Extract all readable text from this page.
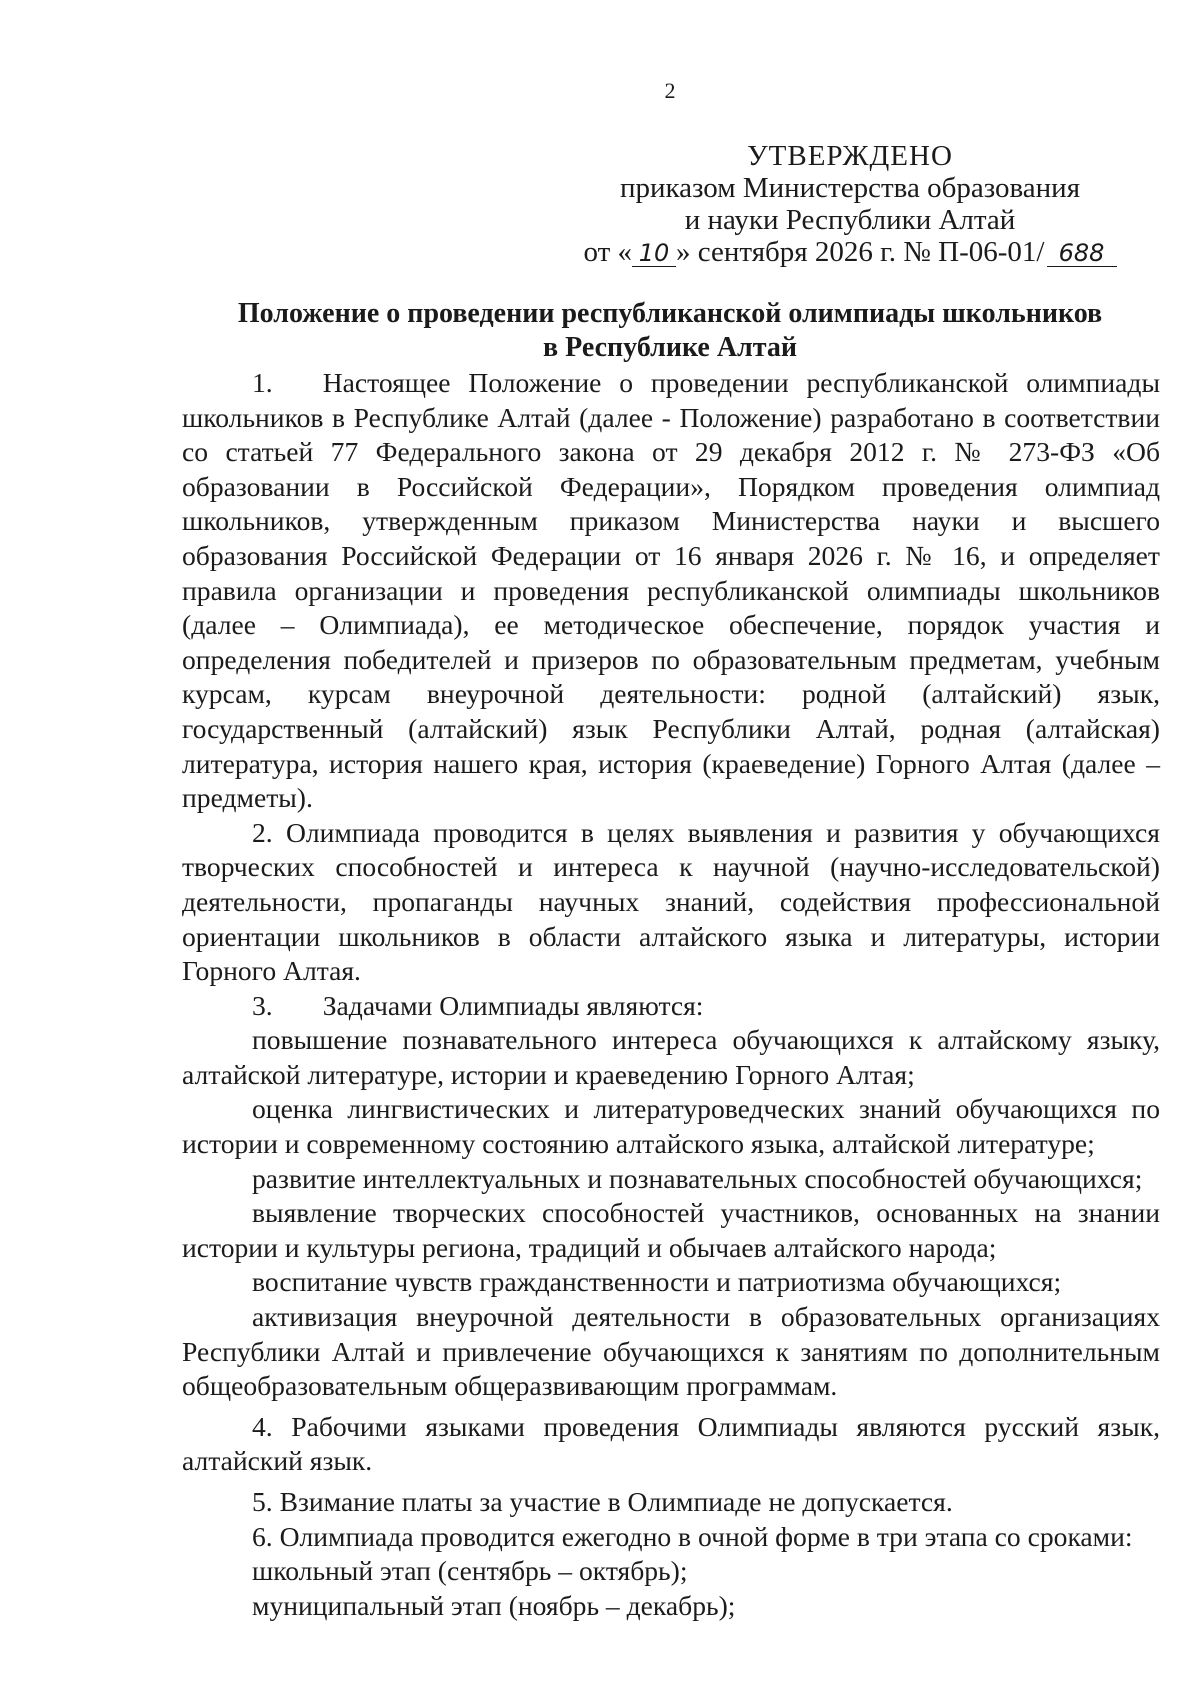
2
УТВЕРЖДЕНО
приказом Министерства образования
и науки Республики Алтай
от « 10 » сентября 2026 г. № П-06-01/ 688
Положение о проведении республиканской олимпиады школьников
в Республике Алтай

1. Настоящее Положение о проведении республиканской олимпиады школьников в Республике Алтай (далее - Положение) разработано в соответствии со статьей 77 Федерального закона от 29 декабря 2012 г. № 273-ФЗ «Об образовании в Российской Федерации», Порядком проведения олимпиад школьников, утвержденным приказом Министерства науки и высшего образования Российской Федерации от 16 января 2026 г. № 16, и определяет правила организации и проведения республиканской олимпиады школьников (далее – Олимпиада), ее методическое обеспечение, порядок участия и определения победителей и призеров по образовательным предметам, учебным курсам, курсам внеурочной деятельности: родной (алтайский) язык, государственный (алтайский) язык Республики Алтай, родная (алтайская) литература, история нашего края, история (краеведение) Горного Алтая (далее – предметы).

2. Олимпиада проводится в целях выявления и развития у обучающихся творческих способностей и интереса к научной (научно-исследовательской) деятельности, пропаганды научных знаний, содействия профессиональной ориентации школьников в области алтайского языка и литературы, истории Горного Алтая.

3. Задачами Олимпиады являются:

повышение познавательного интереса обучающихся к алтайскому языку, алтайской литературе, истории и краеведению Горного Алтая;

оценка лингвистических и литературоведческих знаний обучающихся по истории и современному состоянию алтайского языка, алтайской литературе;

развитие интеллектуальных и познавательных способностей обучающихся;

выявление творческих способностей участников, основанных на знании истории и культуры региона, традиций и обычаев алтайского народа;

воспитание чувств гражданственности и патриотизма обучающихся;

активизация внеурочной деятельности в образовательных организациях Республики Алтай и привлечение обучающихся к занятиям по дополнительным общеобразовательным общеразвивающим программам.

4. Рабочими языками проведения Олимпиады являются русский язык, алтайский язык.

5. Взимание платы за участие в Олимпиаде не допускается.

6. Олимпиада проводится ежегодно в очной форме в три этапа со сроками:

школьный этап (сентябрь – октябрь);

муниципальный этап (ноябрь – декабрь);
